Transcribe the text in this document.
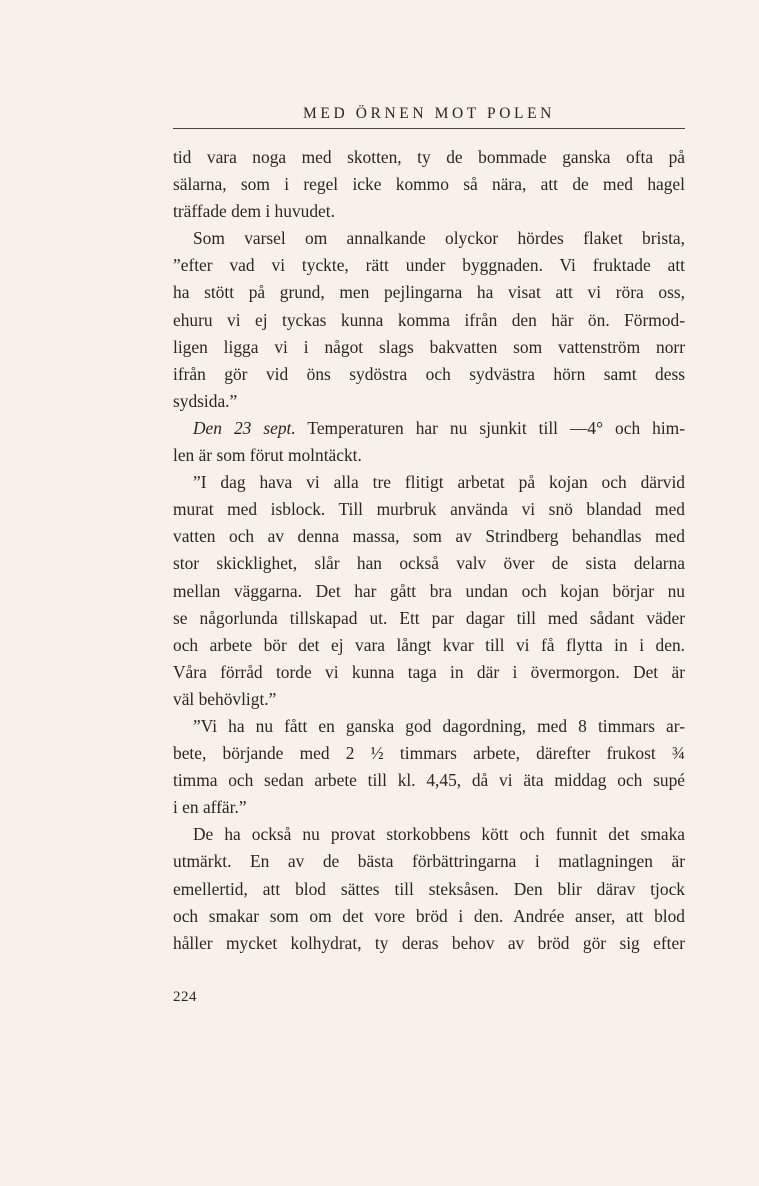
MED ÖRNEN MOT POLEN
tid vara noga med skotten, ty de bommade ganska ofta på
sälarna, som i regel icke kommo så nära, att de med hagel
träffade dem i huvudet.
Som varsel om annalkande olyckor hördes flaket brista,
”efter vad vi tyckte, rätt under byggnaden. Vi fruktade att
ha stött på grund, men pejlingarna ha visat att vi röra oss,
ehuru vi ej tyckas kunna komma ifrån den här ön. Förmod-
ligen ligga vi i något slags bakvatten som vattenström norr
ifrån gör vid öns sydöstra och sydvästra hörn samt dess
sydsida.”
Den 23 sept. Temperaturen har nu sjunkit till —4° och him-
len är som förut molntäckt.
”I dag hava vi alla tre flitigt arbetat på kojan och därvid
murat med isblock. Till murbruk använda vi snö blandad med
vatten och av denna massa, som av Strindberg behandlas med
stor skicklighet, slår han också valv över de sista delarna
mellan väggarna. Det har gått bra undan och kojan börjar nu
se någorlunda tillskapad ut. Ett par dagar till med sådant väder
och arbete bör det ej vara långt kvar till vi få flytta in i den.
Våra förråd torde vi kunna taga in där i övermorgon. Det är
väl behövligt.”
”Vi ha nu fått en ganska god dagordning, med 8 timmars ar-
bete, börjande med 2 ½ timmars arbete, därefter frukost ¾
timma och sedan arbete till kl. 4,45, då vi äta middag och supé
i en affär.”
De ha också nu provat storkobbens kött och funnit det smaka
utmärkt. En av de bästa förbättringarna i matlagningen är
emellertid, att blod sättes till steksåsen. Den blir därav tjock
och smakar som om det vore bröd i den. Andrée anser, att blod
håller mycket kolhydrat, ty deras behov av bröd gör sig efter
224
